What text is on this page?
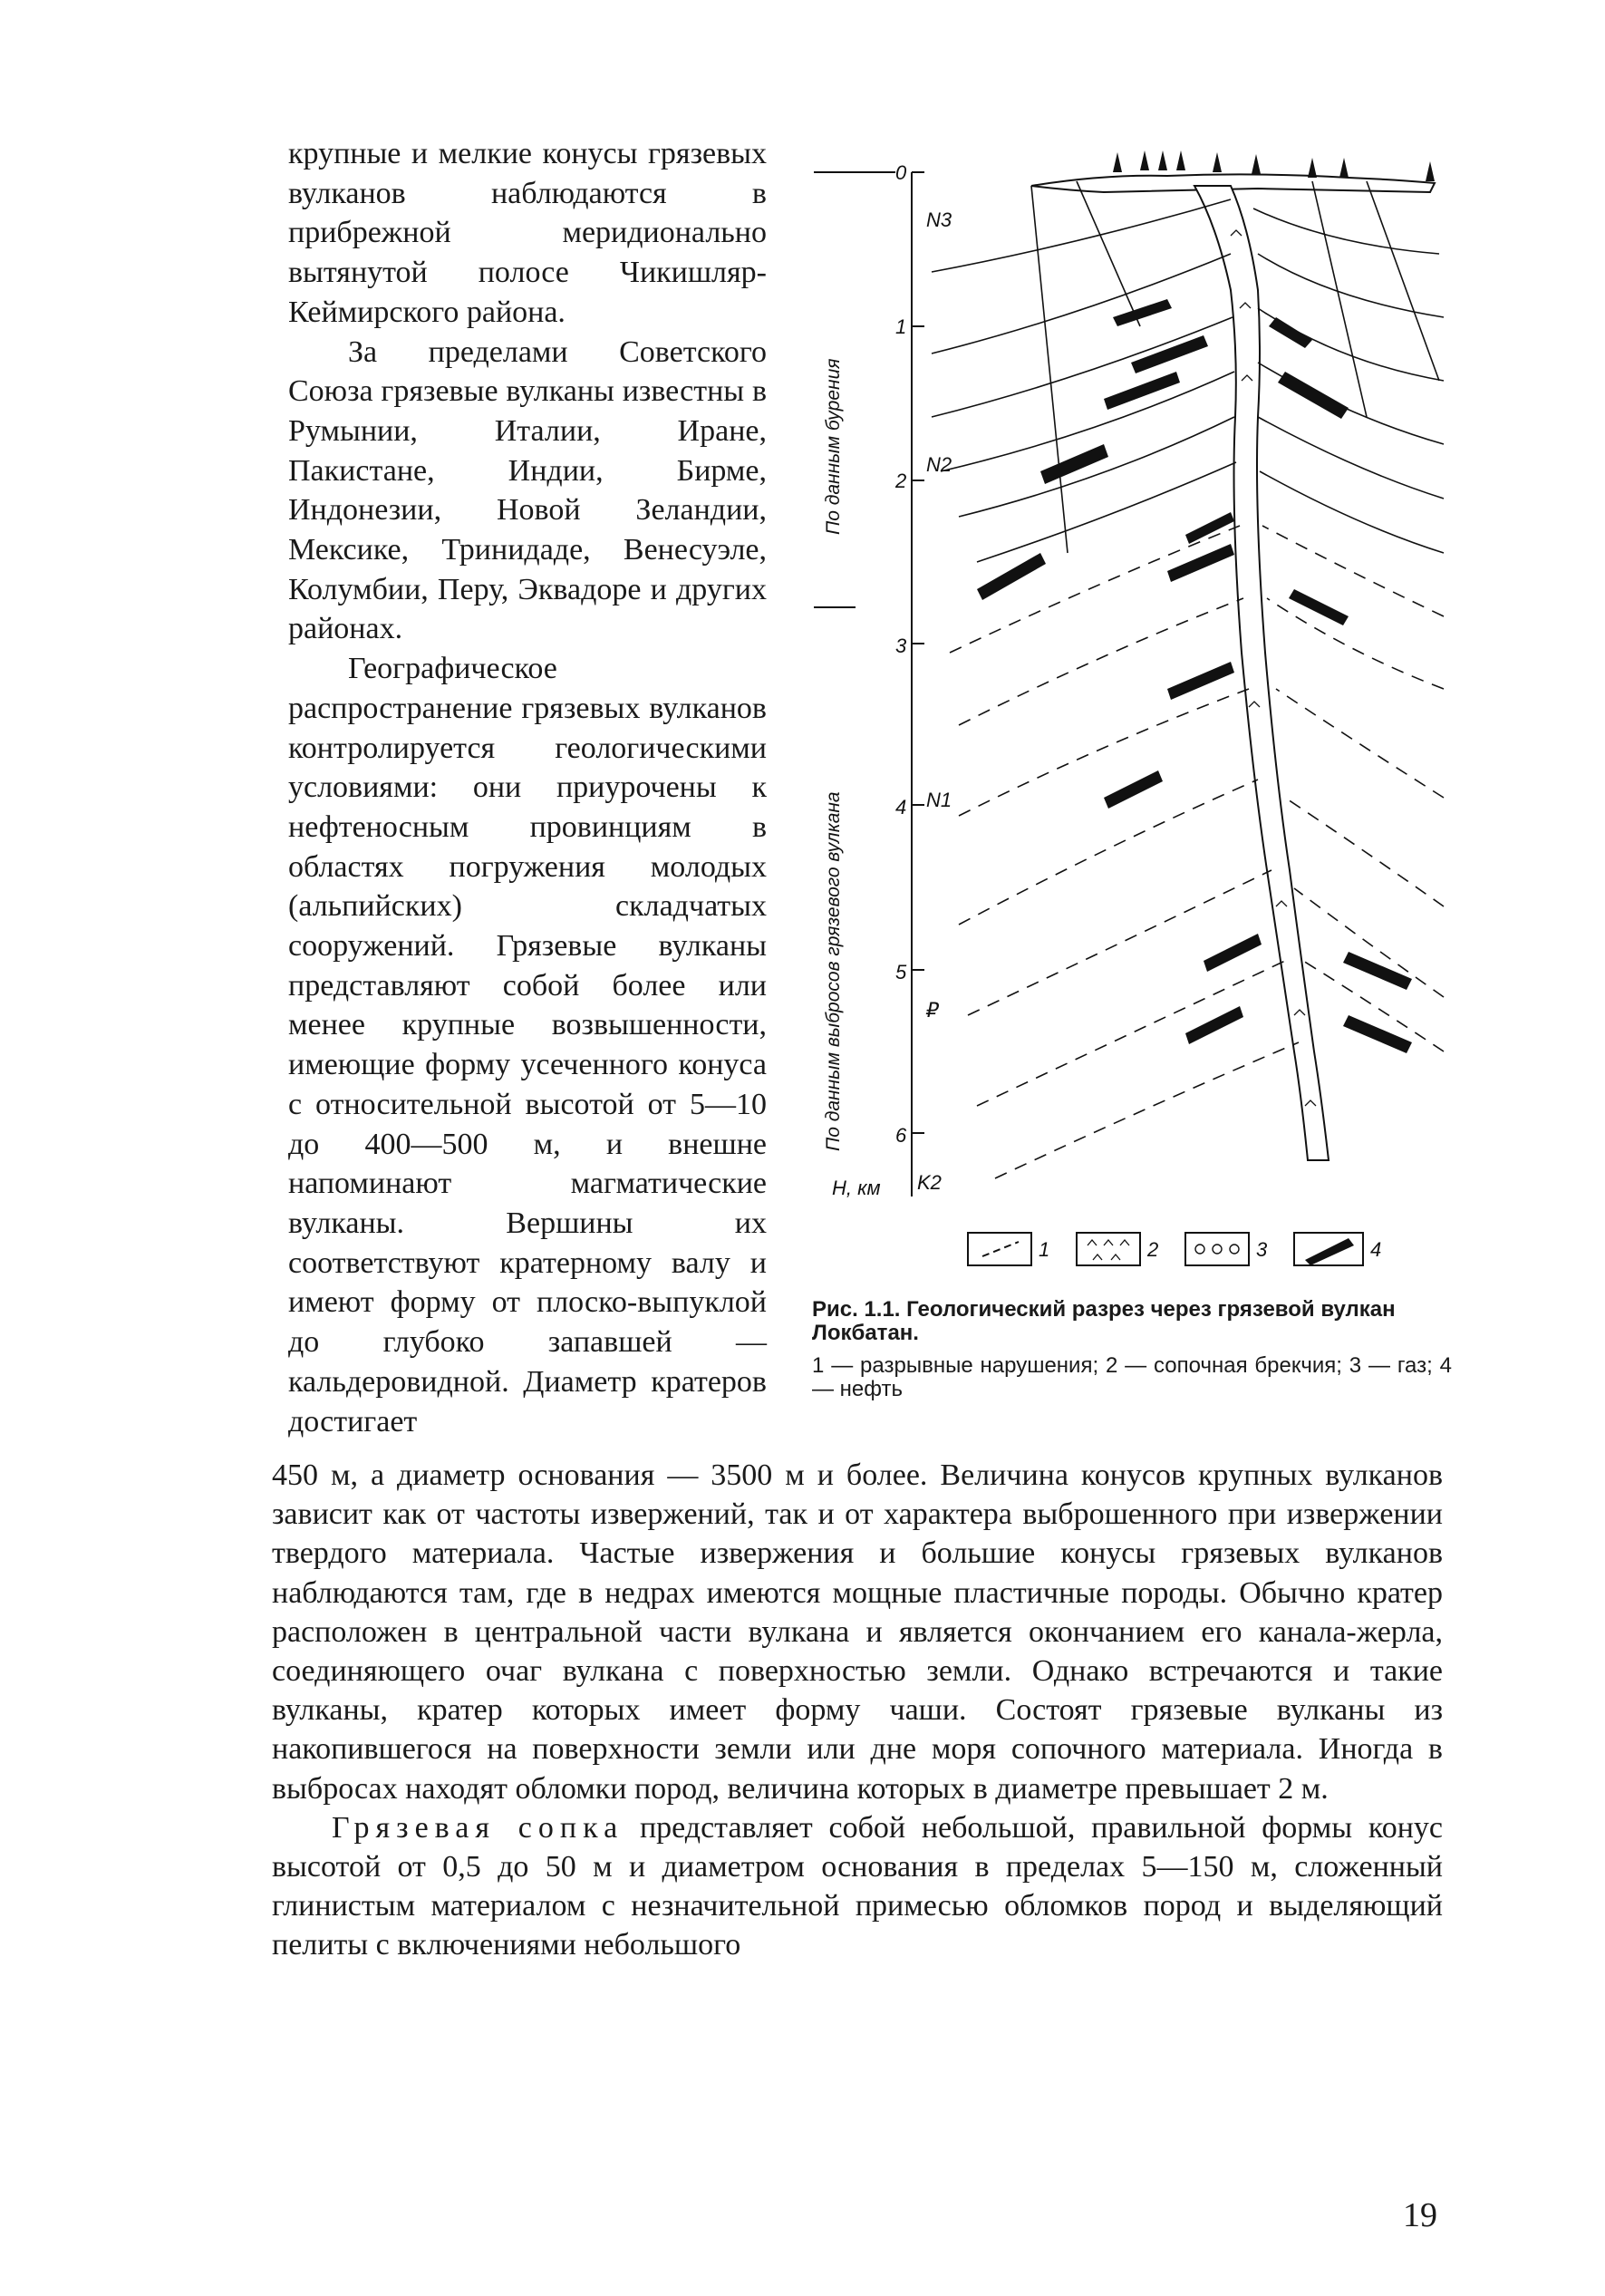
крупные и мелкие конусы грязевых вулканов наблюдаются в прибрежной меридионально вытянутой полосе Чикишляр-Кеймирского района.

За пределами Советского Союза грязевые вулканы известны в Румынии, Италии, Иране, Пакистане, Индии, Бирме, Индонезии, Новой Зеландии, Мексике, Тринидаде, Венесуэле, Колумбии, Перу, Эквадоре и других районах.

Географическое распространение грязевых вулканов контролируется геологическими условиями: они приурочены к нефтеносным провинциям в областях погружения молодых (альпийских) складчатых сооружений. Грязевые вулканы представляют собой более или менее крупные возвышенности, имеющие форму усеченного конуса с относительной высотой от 5—10 до 400—500 м, и внешне напоминают магматические вулканы. Вершины их соответствуют кратерному валу и имеют форму от плоско-выпуклой до глубоко запавшей — кальдеровидной. Диаметр кратеров достигает

0
1
2
3
4
5
6
H, км
N3
N2
N1
₽
K2
По данным бурения
По данным выбросов грязевого вулкана
1	2	3	4
Рис. 1.1. Геологический разрез через грязевой вулкан Локбатан.
1 — разрывные нарушения; 2 — сопочная брекчия; 3 — газ; 4 — нефть

450 м, а диаметр основания — 3500 м и более. Величина конусов крупных вулканов зависит как от частоты извержений, так и от характера выброшенного при извержении твердого материала. Частые извержения и большие конусы грязевых вулканов наблюдаются там, где в недрах имеются мощные пластичные породы. Обычно кратер расположен в центральной части вулкана и является окончанием его канала-жерла, соединяющего очаг вулкана с поверхностью земли. Однако встречаются и такие вулканы, кратер которых имеет форму чаши. Состоят грязевые вулканы из накопившегося на поверхности земли или дне моря сопочного материала. Иногда в выбросах находят обломки пород, величина которых в диаметре превышает 2 м.

Грязевая сопка представляет собой небольшой, правильной формы конус высотой от 0,5 до 50 м и диаметром основания в пределах 5—150 м, сложенный глинистым материалом с незначительной примесью обломков пород и выделяющий пелиты с включениями небольшого

19
